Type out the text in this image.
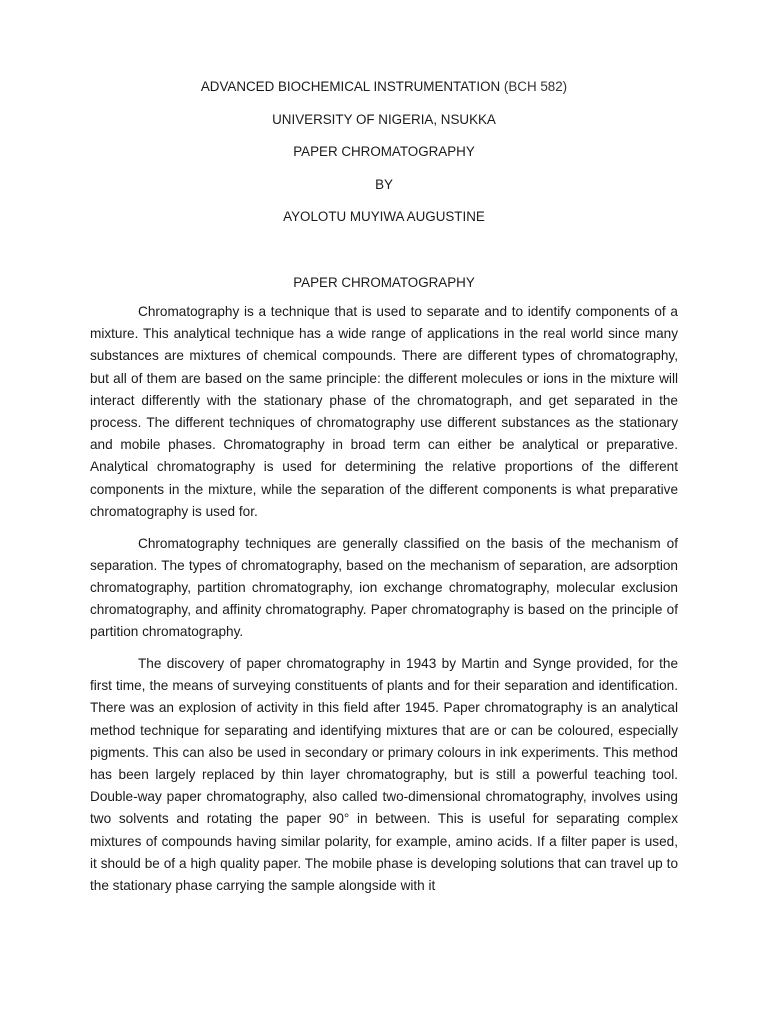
ADVANCED BIOCHEMICAL INSTRUMENTATION (BCH 582)
UNIVERSITY OF NIGERIA, NSUKKA
PAPER CHROMATOGRAPHY
BY
AYOLOTU MUYIWA AUGUSTINE
PAPER CHROMATOGRAPHY

Chromatography is a technique that is used to separate and to identify components of a mixture. This analytical technique has a wide range of applications in the real world since many substances are mixtures of chemical compounds. There are different types of chromatography, but all of them are based on the same principle: the different molecules or ions in the mixture will interact differently with the stationary phase of the chromatograph, and get separated in the process. The different techniques of chromatography use different substances as the stationary and mobile phases. Chromatography in broad term can either be analytical or preparative. Analytical chromatography is used for determining the relative proportions of the different components in the mixture, while the separation of the different components is what preparative chromatography is used for.

Chromatography techniques are generally classified on the basis of the mechanism of separation. The types of chromatography, based on the mechanism of separation, are adsorption chromatography, partition chromatography, ion exchange chromatography, molecular exclusion chromatography, and affinity chromatography. Paper chromatography is based on the principle of partition chromatography.

The discovery of paper chromatography in 1943 by Martin and Synge provided, for the first time, the means of surveying constituents of plants and for their separation and identification. There was an explosion of activity in this field after 1945. Paper chromatography is an analytical method technique for separating and identifying mixtures that are or can be coloured, especially pigments. This can also be used in secondary or primary colours in ink experiments. This method has been largely replaced by thin layer chromatography, but is still a powerful teaching tool. Double-way paper chromatography, also called two-dimensional chromatography, involves using two solvents and rotating the paper 90° in between. This is useful for separating complex mixtures of compounds having similar polarity, for example, amino acids. If a filter paper is used, it should be of a high quality paper. The mobile phase is developing solutions that can travel up to the stationary phase carrying the sample alongside with it
